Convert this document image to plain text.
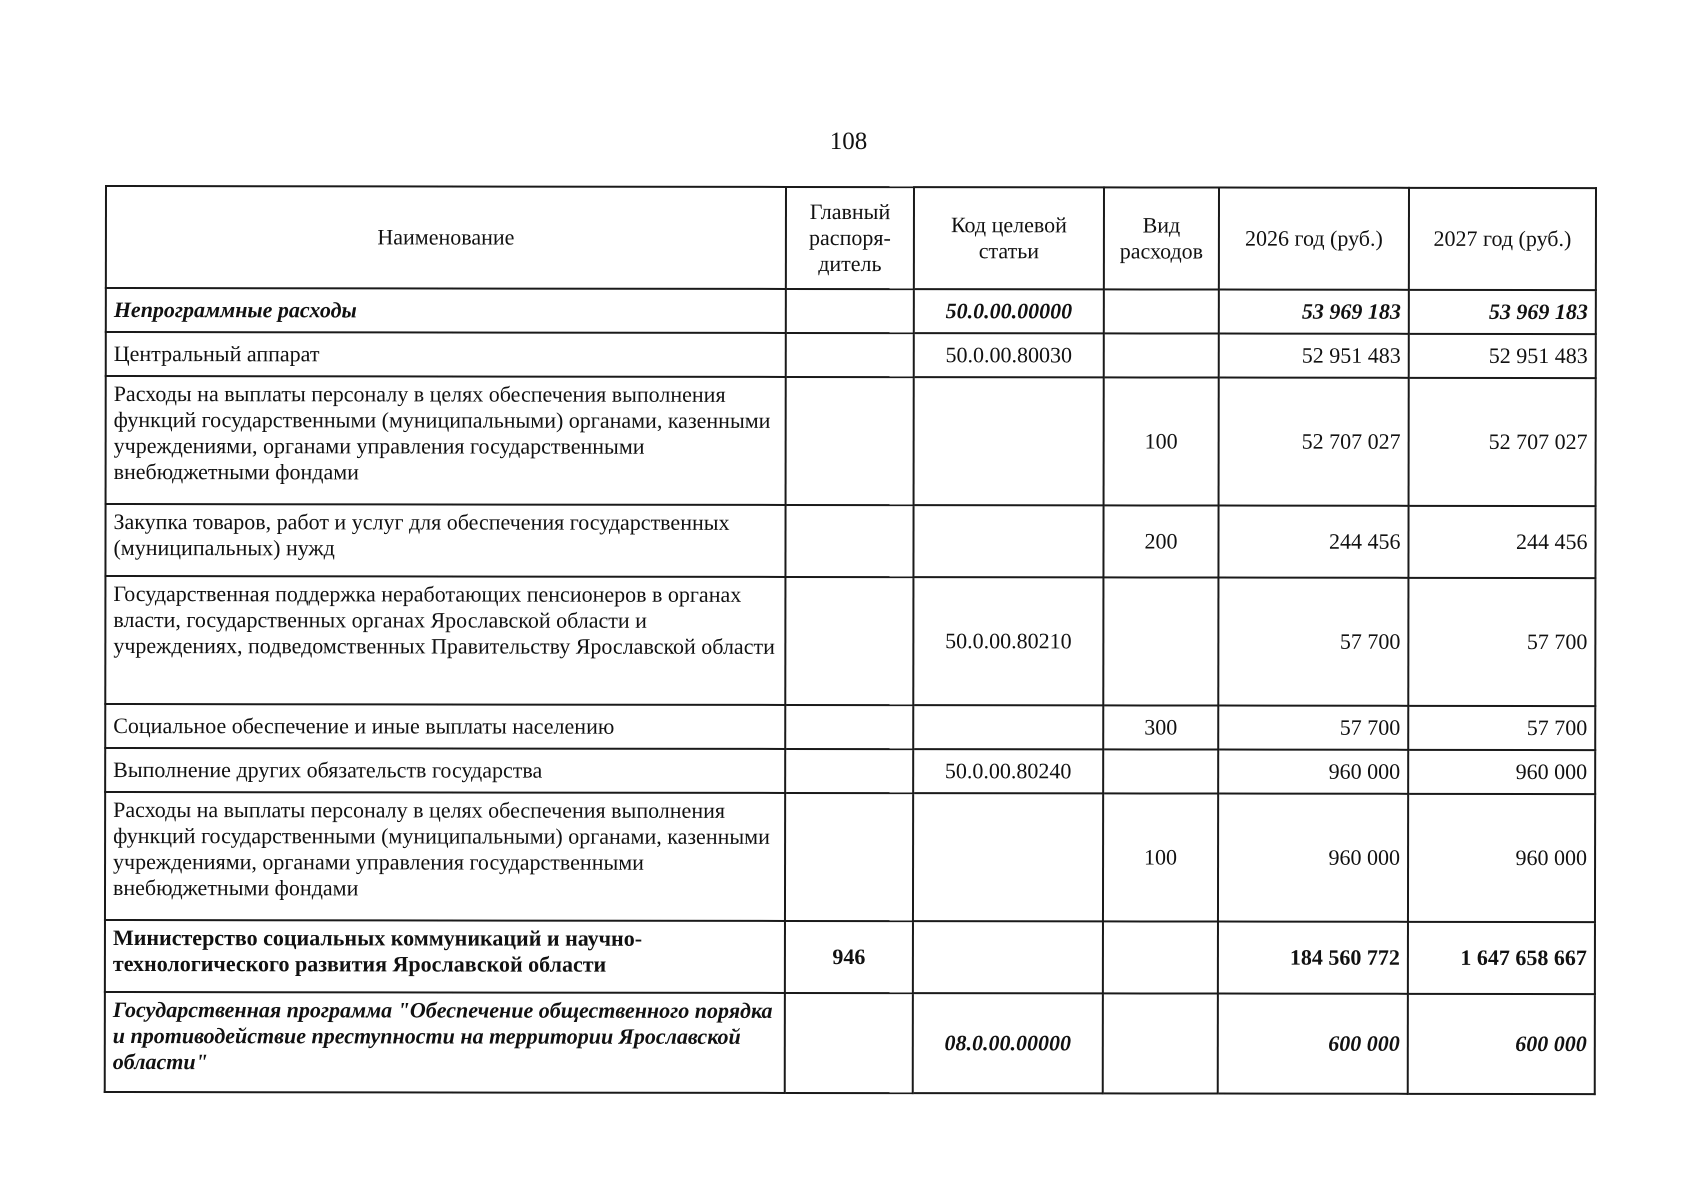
108
Наименование	Главный распоря-дитель	Код целевой статьи	Вид расходов	2026 год (руб.)	2027 год (руб.)
Непрограммные расходы		50.0.00.00000		53 969 183	53 969 183
Центральный аппарат		50.0.00.80030		52 951 483	52 951 483
Расходы на выплаты персоналу в целях обеспечения выполнения функций государственными (муниципальными) органами, казенными учреждениями, органами управления государственными внебюджетными фондами			100	52 707 027	52 707 027
Закупка товаров, работ и услуг для обеспечения государственных (муниципальных) нужд			200	244 456	244 456
Государственная поддержка неработающих пенсионеров в органах власти, государственных органах Ярославской области и учреждениях, подведомственных Правительству Ярославской области		50.0.00.80210		57 700	57 700
Социальное обеспечение и иные выплаты населению			300	57 700	57 700
Выполнение других обязательств государства		50.0.00.80240		960 000	960 000
Расходы на выплаты персоналу в целях обеспечения выполнения функций государственными (муниципальными) органами, казенными учреждениями, органами управления государственными внебюджетными фондами			100	960 000	960 000
Министерство социальных коммуникаций и научно-технологического развития Ярославской области	946			184 560 772	1 647 658 667
Государственная программа "Обеспечение общественного порядка и противодействие преступности на территории Ярославской области"		08.0.00.00000		600 000	600 000
